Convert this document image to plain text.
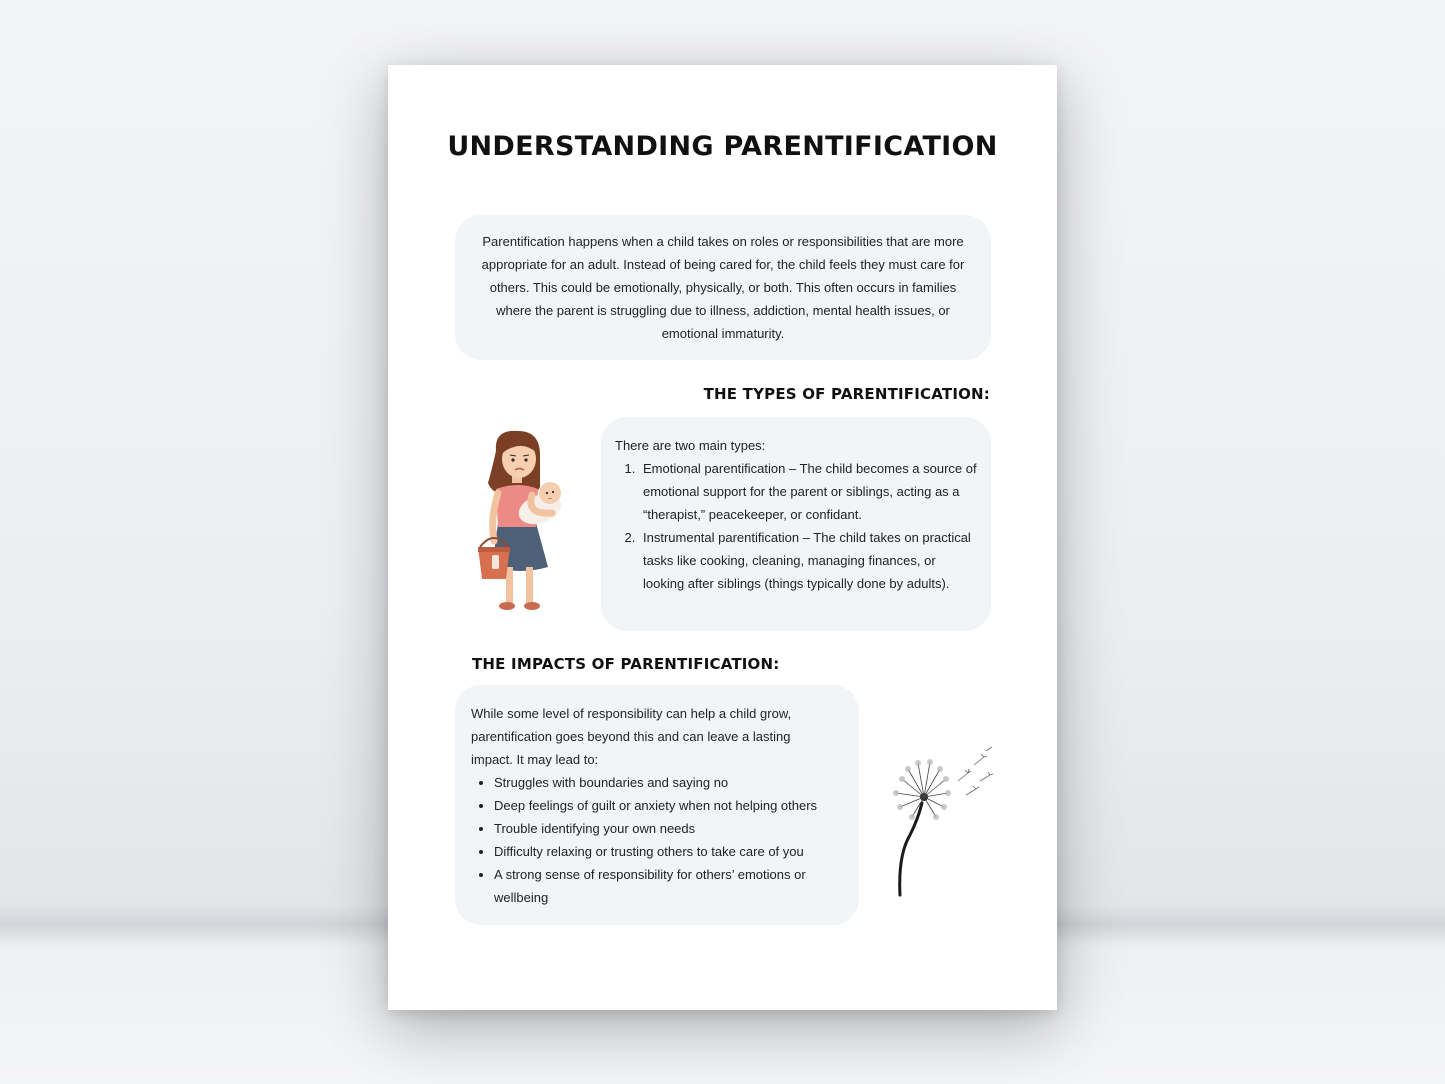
UNDERSTANDING PARENTIFICATION

Parentification happens when a child takes on roles or responsibilities that are more appropriate for an adult. Instead of being cared for, the child feels they must care for others. This could be emotionally, physically, or both. This often occurs in families where the parent is struggling due to illness, addiction, mental health issues, or emotional immaturity.

THE TYPES OF PARENTIFICATION:

There are two main types:

1. Emotional parentification – The child becomes a source of emotional support for the parent or siblings, acting as a “therapist,” peacekeeper, or confidant.
2. Instrumental parentification – The child takes on practical tasks like cooking, cleaning, managing finances, or looking after siblings (things typically done by adults).
THE IMPACTS OF PARENTIFICATION:

While some level of responsibility can help a child grow, parentification goes beyond this and can leave a lasting impact. It may lead to:

• Struggles with boundaries and saying no
• Deep feelings of guilt or anxiety when not helping others
• Trouble identifying your own needs
• Difficulty relaxing or trusting others to take care of you
• A strong sense of responsibility for others’ emotions or wellbeing
